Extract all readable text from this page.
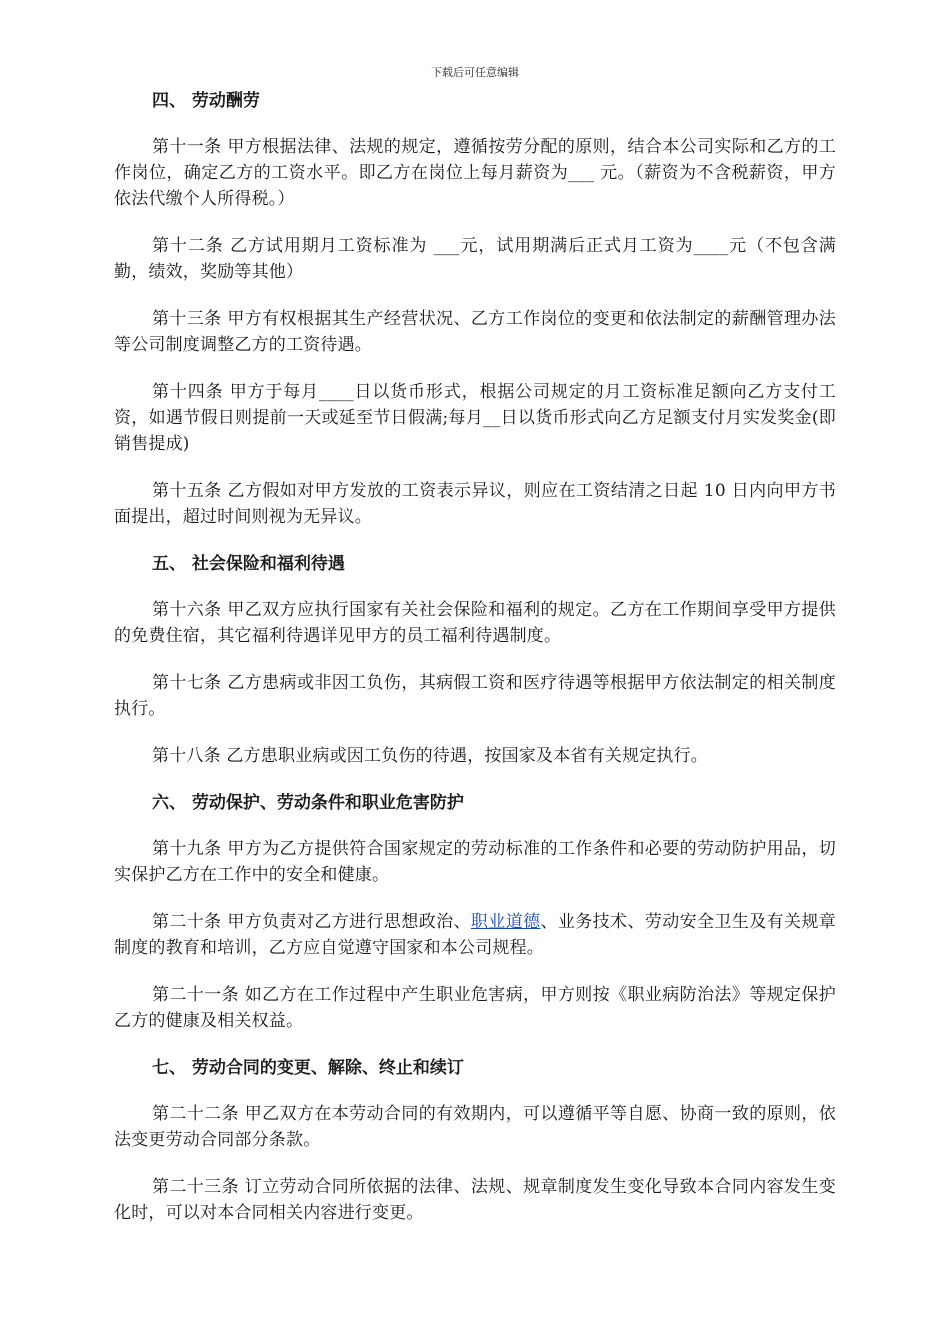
下载后可任意编辑
四、 劳动酬劳

第十一条 甲方根据法律、法规的规定，遵循按劳分配的原则，结合本公司实际和乙方的工作岗位，确定乙方的工资水平。即乙方在岗位上每月薪资为___ 元。（薪资为不含税薪资，甲方依法代缴个人所得税。）

第十二条 乙方试用期月工资标准为 ___元，试用期满后正式月工资为____元（不包含满勤，绩效，奖励等其他）

第十三条 甲方有权根据其生产经营状况、乙方工作岗位的变更和依法制定的薪酬管理办法等公司制度调整乙方的工资待遇。

第十四条 甲方于每月____日以货币形式，根据公司规定的月工资标准足额向乙方支付工资，如遇节假日则提前一天或延至节日假满;每月__日以货币形式向乙方足额支付月实发奖金(即销售提成)

第十五条 乙方假如对甲方发放的工资表示异议，则应在工资结清之日起 10 日内向甲方书面提出，超过时间则视为无异议。

五、 社会保险和福利待遇

第十六条 甲乙双方应执行国家有关社会保险和福利的规定。乙方在工作期间享受甲方提供的免费住宿，其它福利待遇详见甲方的员工福利待遇制度。

第十七条 乙方患病或非因工负伤，其病假工资和医疗待遇等根据甲方依法制定的相关制度执行。

第十八条 乙方患职业病或因工负伤的待遇，按国家及本省有关规定执行。

六、 劳动保护、劳动条件和职业危害防护

第十九条 甲方为乙方提供符合国家规定的劳动标准的工作条件和必要的劳动防护用品，切实保护乙方在工作中的安全和健康。

第二十条 甲方负责对乙方进行思想政治、职业道德、业务技术、劳动安全卫生及有关规章制度的教育和培训，乙方应自觉遵守国家和本公司规程。

第二十一条 如乙方在工作过程中产生职业危害病，甲方则按《职业病防治法》等规定保护乙方的健康及相关权益。

七、 劳动合同的变更、解除、终止和续订

第二十二条 甲乙双方在本劳动合同的有效期内，可以遵循平等自愿、协商一致的原则，依法变更劳动合同部分条款。

第二十三条 订立劳动合同所依据的法律、法规、规章制度发生变化导致本合同内容发生变化时，可以对本合同相关内容进行变更。
